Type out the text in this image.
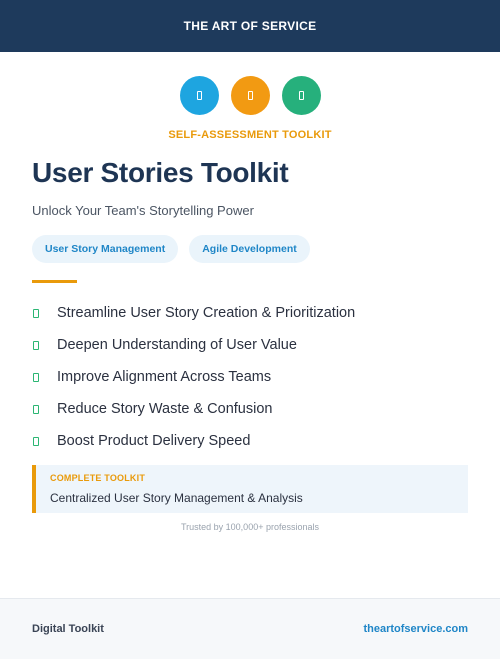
THE ART OF SERVICE
SELF-ASSESSMENT TOOLKIT
User Stories Toolkit
Unlock Your Team's Storytelling Power
User Story Management	Agile Development
Streamline User Story Creation & Prioritization
Deepen Understanding of User Value
Improve Alignment Across Teams
Reduce Story Waste & Confusion
Boost Product Delivery Speed
COMPLETE TOOLKIT
Centralized User Story Management & Analysis
Trusted by 100,000+ professionals
Digital Toolkit	theartofservice.com
